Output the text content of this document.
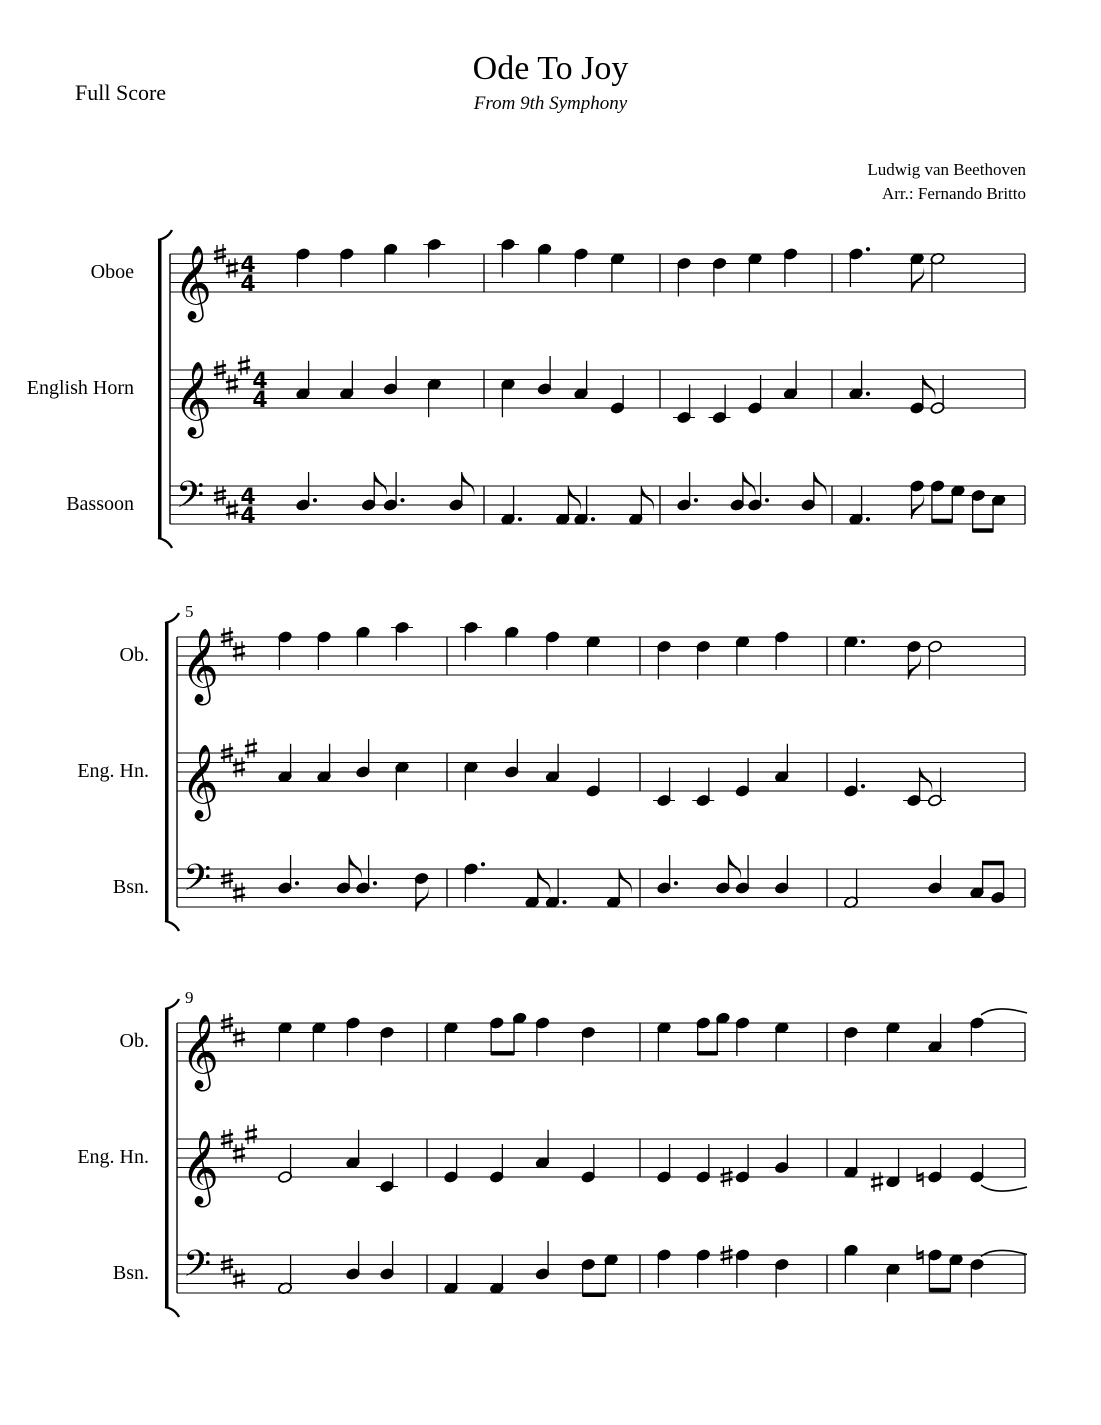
Ode To Joy
From 9th Symphony
Full Score
Ludwig van Beethoven
Arr.: Fernando Britto
Oboe 𝄞 4
4
English Horn 𝄞 4
4
Bassoon 𝄢 4
4
5
Ob. 𝄞
Eng. Hn. 𝄞
Bsn. 𝄢
9
Ob. 𝄞
Eng. Hn. 𝄞
Bsn. 𝄢
